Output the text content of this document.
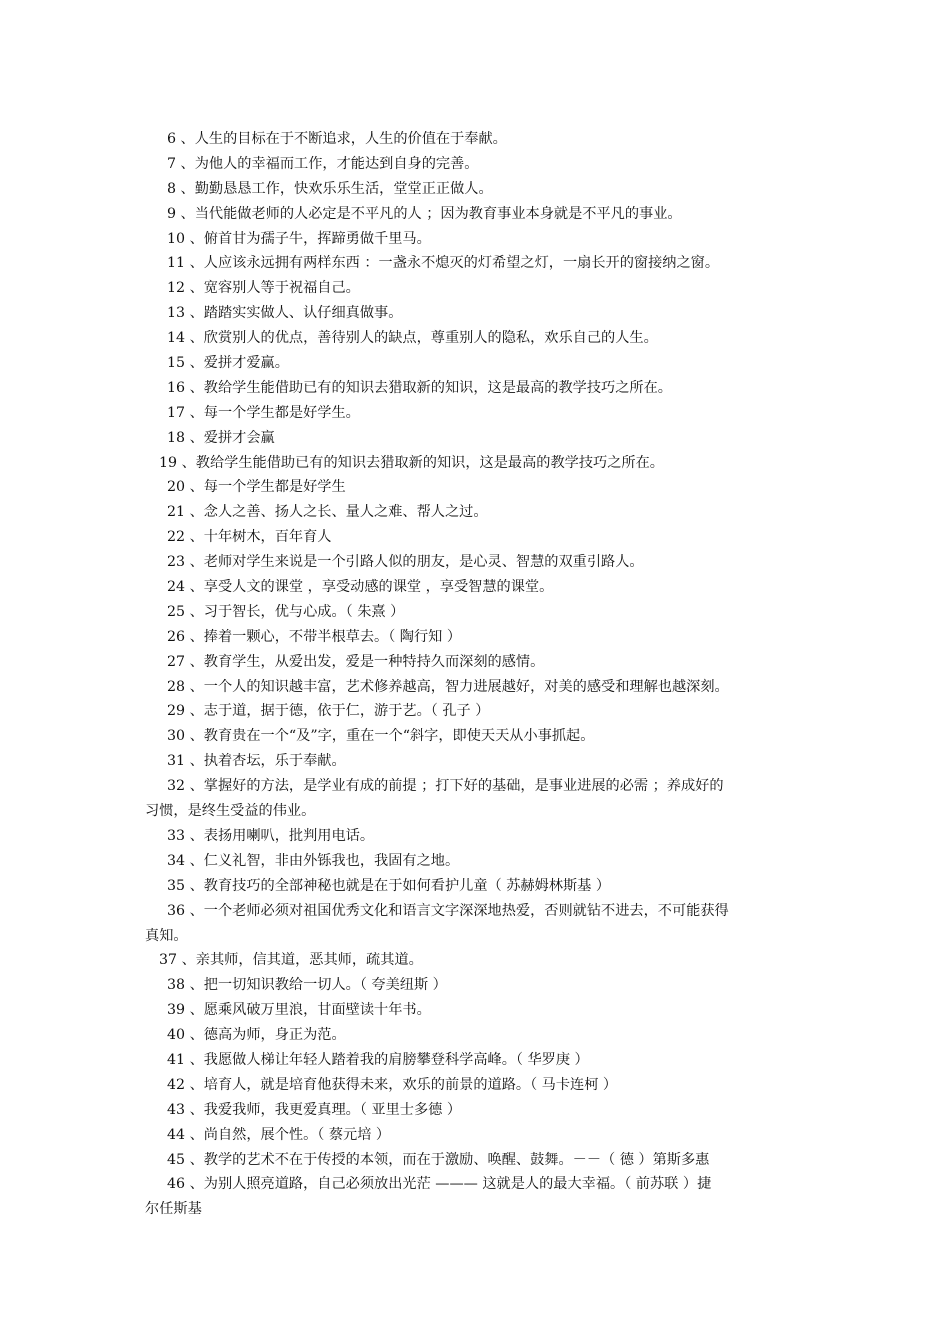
6 、人生的目标在于不断追求，人生的价值在于奉献。
7 、为他人的幸福而工作，才能达到自身的完善。
8 、勤勤恳恳工作，快欢乐乐生活，堂堂正正做人。
9 、当代能做老师的人必定是不平凡的人 ；因为教育事业本身就是不平凡的事业。
10 、俯首甘为孺子牛，挥蹄勇做千里马。
11 、人应该永远拥有两样东西 ：一盏永不熄灭的灯希望之灯，一扇长开的窗接纳之窗。
12 、宽容别人等于祝福自己。
13 、踏踏实实做人、认仔细真做事。
14 、欣赏别人的优点，善待别人的缺点，尊重别人的隐私，欢乐自己的人生。
15 、爱拼才爱赢。
16 、教给学生能借助已有的知识去猎取新的知识，这是最高的教学技巧之所在。
17 、每一个学生都是好学生。
18 、爱拼才会赢
19 、教给学生能借助已有的知识去猎取新的知识，这是最高的教学技巧之所在。
20 、每一个学生都是好学生
21 、念人之善、扬人之长、量人之难、帮人之过。
22 、十年树木，百年育人
23 、老师对学生来说是一个引路人似的朋友，是心灵、智慧的双重引路人。
24 、享受人文的课堂 ，享受动感的课堂 ，享受智慧的课堂。
25 、习于智长，优与心成。（ 朱熹 ）
26 、捧着一颗心，不带半根草去。（ 陶行知 ）
27 、教育学生，从爱出发，爱是一种特持久而深刻的感情。
28 、一个人的知识越丰富，艺术修养越高，智力进展越好，对美的感受和理解也越深刻。
29 、志于道，据于德，依于仁，游于艺。（ 孔子 ）
30 、教育贵在一个“及”字，重在一个“斜字，即使天天从小事抓起。
31 、执着杏坛，乐于奉献。
32 、掌握好的方法，是学业有成的前提 ；打下好的基础，是事业进展的必需 ；养成好的
习惯，是终生受益的伟业。
33 、表扬用喇叭，批判用电话。
34 、仁义礼智，非由外铄我也，我固有之地。
35 、教育技巧的全部神秘也就是在于如何看护儿童（ 苏赫姆林斯基 ）
36 、一个老师必须对祖国优秀文化和语言文字深深地热爱，否则就钻不进去，不可能获得
真知。
37 、亲其师，信其道，恶其师，疏其道。
38 、把一切知识教给一切人。（ 夸美纽斯 ）
39 、愿乘风破万里浪，甘面壁读十年书。
40 、德高为师，身正为范。
41 、我愿做人梯让年轻人踏着我的肩膀攀登科学高峰。（ 华罗庚 ）
42 、培育人，就是培育他获得未来，欢乐的前景的道路。（ 马卡连柯 ）
43 、我爱我师，我更爱真理。（ 亚里士多德 ）
44 、尚自然，展个性。（ 蔡元培 ）
45 、教学的艺术不在于传授的本领，而在于激励、唤醒、鼓舞。－－（ 德 ）第斯多惠
46 、为别人照亮道路，自己必须放出光茫 ——— 这就是人的最大幸福。（ 前苏联 ）捷
尔任斯基
